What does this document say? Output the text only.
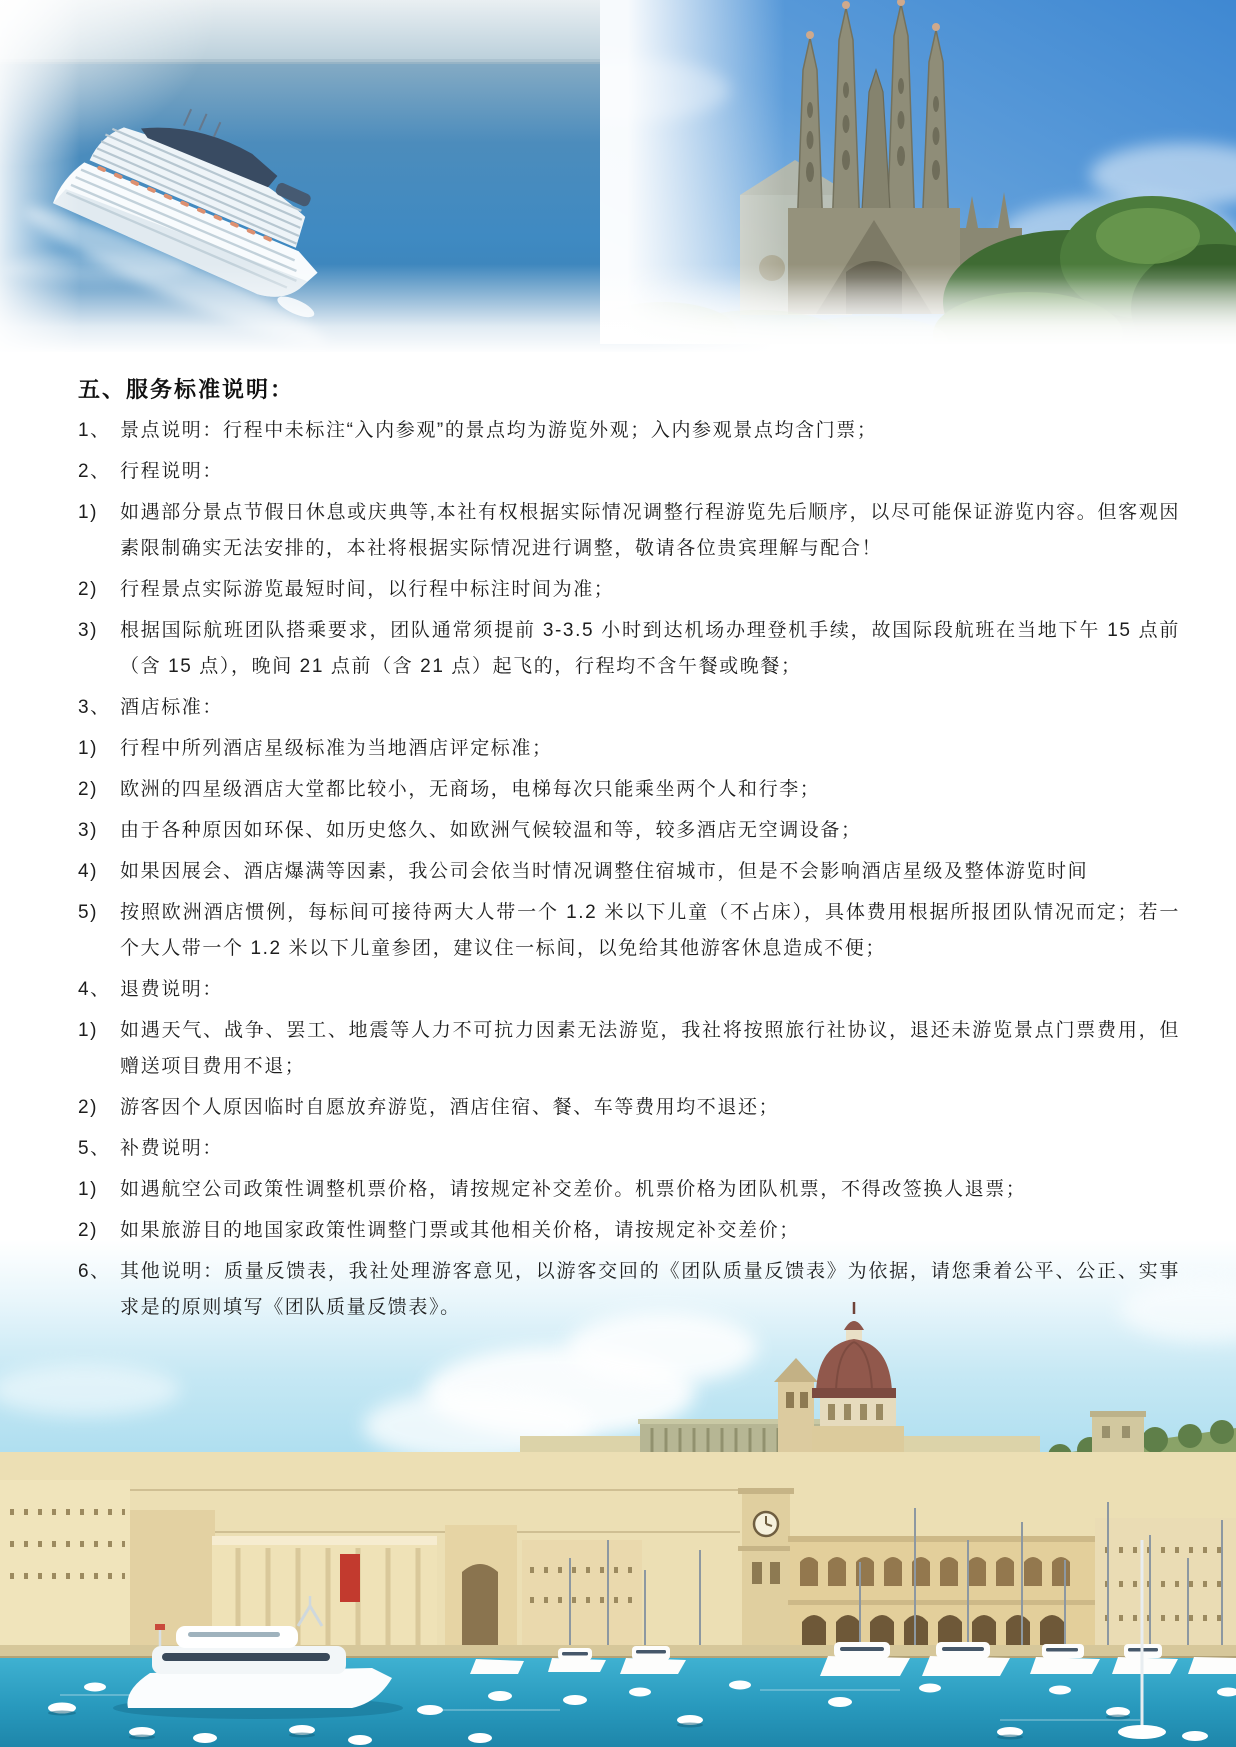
五、服务标准说明：
1、 景点说明：行程中未标注“入内参观”的景点均为游览外观；入内参观景点均含门票；
2、 行程说明：
1)	如遇部分景点节假日休息或庆典等,本社有权根据实际情况调整行程游览先后顺序，以尽可能保证游览内容。但客观因素限制确实无法安排的，本社将根据实际情况进行调整，敬请各位贵宾理解与配合！
2)	行程景点实际游览最短时间，以行程中标注时间为准；
3)	根据国际航班团队搭乘要求，团队通常须提前 3-3.5 小时到达机场办理登机手续，故国际段航班在当地下午 15 点前（含 15 点），晚间 21 点前（含 21 点）起飞的，行程均不含午餐或晚餐；
3、 酒店标准：
1)	行程中所列酒店星级标准为当地酒店评定标准；
2)	欧洲的四星级酒店大堂都比较小，无商场，电梯每次只能乘坐两个人和行李；
3)	由于各种原因如环保、如历史悠久、如欧洲气候较温和等，较多酒店无空调设备；
4)	如果因展会、酒店爆满等因素，我公司会依当时情况调整住宿城市，但是不会影响酒店星级及整体游览时间
5)	按照欧洲酒店惯例，每标间可接待两大人带一个 1.2 米以下儿童（不占床），具体费用根据所报团队情况而定；若一个大人带一个 1.2 米以下儿童参团，建议住一标间，以免给其他游客休息造成不便；
4、 退费说明：
1)	如遇天气、战争、罢工、地震等人力不可抗力因素无法游览，我社将按照旅行社协议，退还未游览景点门票费用，但赠送项目费用不退；
2)	游客因个人原因临时自愿放弃游览，酒店住宿、餐、车等费用均不退还；
5、 补费说明：
1)	如遇航空公司政策性调整机票价格，请按规定补交差价。机票价格为团队机票，不得改签换人退票；
2)	如果旅游目的地国家政策性调整门票或其他相关价格，请按规定补交差价；
6、 其他说明：质量反馈表，我社处理游客意见，以游客交回的《团队质量反馈表》为依据，请您秉着公平、公正、实事求是的原则填写《团队质量反馈表》。
